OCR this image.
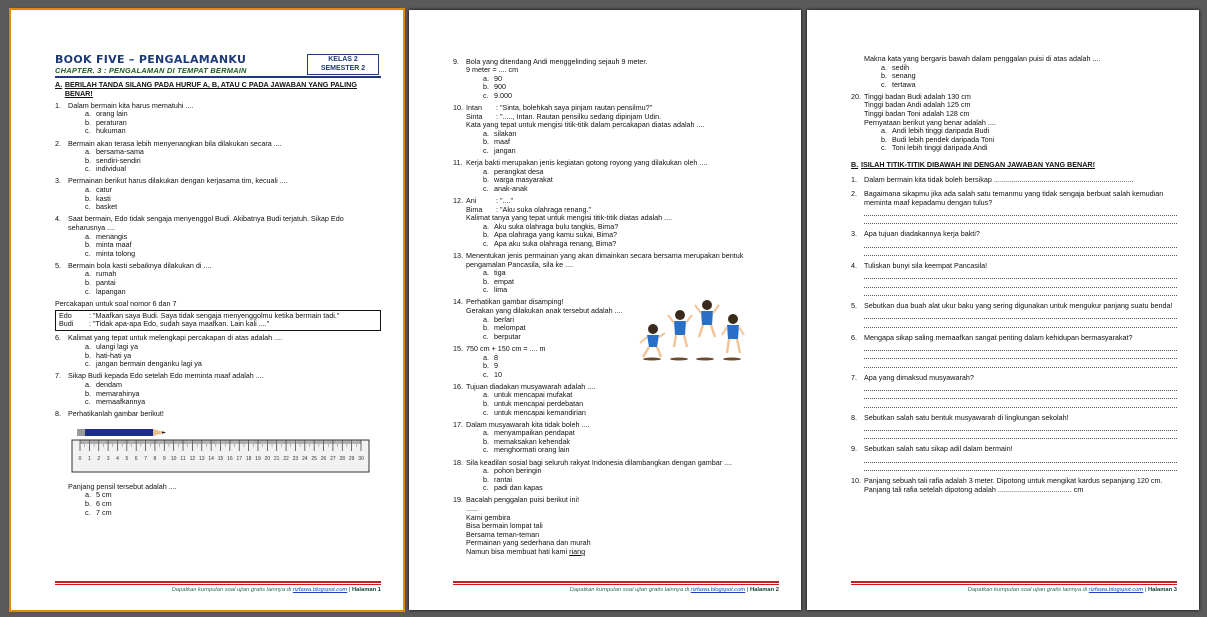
KELAS 2
SEMESTER 2
BOOK FIVE – PENGALAMANKU
CHAPTER. 3 : PENGALAMAN DI TEMPAT BERMAIN
A. BERILAH TANDA SILANG PADA HURUF A, B, ATAU C PADA JAWABAN YANG PALING BENAR!
1. Dalam bermain kita harus mematuhi ....
a. orang lain
b. peraturan
c. hukuman
2. Bermain akan terasa lebih menyenangkan bila dilakukan secara ....
a. bersama-sama
b. sendiri-sendiri
c. individual
3. Permainan berikut harus dilakukan dengan kerjasama tim, kecuali ....
a. catur
b. kasti
c. basket
4. Saat bermain, Edo tidak sengaja menyenggol Budi. Akibatnya Budi terjatuh. Sikap Edo seharusnya ....
a. menangis
b. minta maaf
c. minta tolong
5. Bermain bola kasti sebaiknya dilakukan di ....
a. rumah
b. pantai
c. lapangan
Percakapan untuk soal nomor 6 dan 7
Edo	: "Maafkan saya Budi. Saya tidak sengaja menyenggolmu ketika bermain tadi."
Budi	: "Tidak apa-apa Edo, sudah saya maafkan. Lain kali ...."
6. Kalimat yang tepat untuk melengkapi percakapan di atas adalah ....
a. ulangi lagi ya
b. hati-hati ya
c. jangan bermain denganku lagi ya
7. Sikap Budi kepada Edo setelah Edo meminta maaf adalah ....
a. dendam
b. memarahinya
c. memaafkannya
8. Perhatikanlah gambar berikut!
0 1 2 3 4 5 6 7 8 9 10 11 12 13 14 15 16 17 18 19 20 21 22 23 24 25 26 27 28 29 30
Panjang pensil tersebut adalah ....
a. 5 cm
b. 6 cm
c. 7 cm
Dapatkan kumpulan soal ujian gratis lainnya di rizfawa.blogspot.com | Halaman 1
9. Bola yang ditendang Andi menggelinding sejauh 9 meter.
9 meter = .... cm
a. 90
b. 900
c. 9.000
10. Intan	: "Sinta, bolehkah saya pinjam rautan pensilmu?"
Sinta	: "....., Intan. Rautan pensilku sedang dipinjam Udin.
Kata yang tepat untuk mengisi titik-titik dalam percakapan diatas adalah ....
a. silakan
b. maaf
c. jangan
11. Kerja bakti merupakan jenis kegiatan gotong royong yang dilakukan oleh ....
a. perangkat desa
b. warga masyarakat
c. anak-anak
12. Ani	: "...."
Bima	: "Aku suka olahraga renang."
Kalimat tanya yang tepat untuk mengisi titik-titik diatas adalah ....
a. Aku suka olahraga bulu tangkis, Bima?
b. Apa olahraga yang kamu sukai, Bima?
c. Apa aku suka olahraga renang, Bima?
13. Menentukan jenis permainan yang akan dimainkan secara bersama merupakan bentuk pengamalan Pancasila, sila ke ....
a. tiga
b. empat
c. lima
14. Perhatikan gambar disamping!
Gerakan yang dilakukan anak tersebut adalah ....
a. berlari
b. melompat
c. berputar
15. 750 cm + 150 cm = .... m
a. 8
b. 9
c. 10
16. Tujuan diadakan musyawarah adalah ....
a. untuk mencapai mufakat
b. untuk mencapai perdebatan
c. untuk mencapai kemandirian
17. Dalam musyawarah kita tidak boleh ....
a. menyampaikan pendapat
b. memaksakan kehendak
c. menghormati orang lain
18. Sila keadilan sosial bagi seluruh rakyat Indonesia dilambangkan dengan gambar ....
a. pohon beringin
b. rantai
c. padi dan kapas
19. Bacalah penggalan puisi berikut ini!
......
Kami gembira
Bisa bermain lompat tali
Bersama teman-teman
Permainan yang sederhana dan murah
Namun bisa membuat hati kami riang
Dapatkan kumpulan soal ujian gratis lainnya di rizfawa.blogspot.com | Halaman 2
Makna kata yang bergaris bawah dalam penggalan puisi di atas adalah ....
a. sedih
b. senang
c. tertawa
20. Tinggi badan Budi adalah 130 cm
Tinggi badan Andi adalah 125 cm
Tinggi badan Toni adalah 128 cm
Pernyataan berikut yang benar adalah ....
a. Andi lebih tinggi daripada Budi
b. Budi lebih pendek daripada Toni
c. Toni lebih tinggi daripada Andi
B. ISILAH TITIK-TITIK DIBAWAH INI DENGAN JAWABAN YANG BENAR!
1. Dalam bermain kita tidak boleh bersikap ......................................................................
2. Bagaimana sikapmu jika ada salah satu temanmu yang tidak sengaja berbuat salah kemudian meminta maaf kepadamu dengan tulus?
3. Apa tujuan diadakannya kerja bakti?
4. Tuliskan bunyi sila keempat Pancasila!
5. Sebutkan dua buah alat ukur baku yang sering digunakan untuk mengukur panjang suatu benda!
6. Mengapa sikap saling memaafkan sangat penting dalam kehidupan bermasyarakat?
7. Apa yang dimaksud musyawarah?
8. Sebutkan salah satu bentuk musyawarah di lingkungan sekolah!
9. Sebutkan salah satu sikap adil dalam bermain!
10. Panjang sebuah tali rafia adalah 3 meter. Dipotong untuk mengikat kardus sepanjang 120 cm. Panjang tali rafia setelah dipotong adalah ..................................... cm
Dapatkan kumpulan soal ujian gratis lainnya di rizfawa.blogspot.com | Halaman 3
